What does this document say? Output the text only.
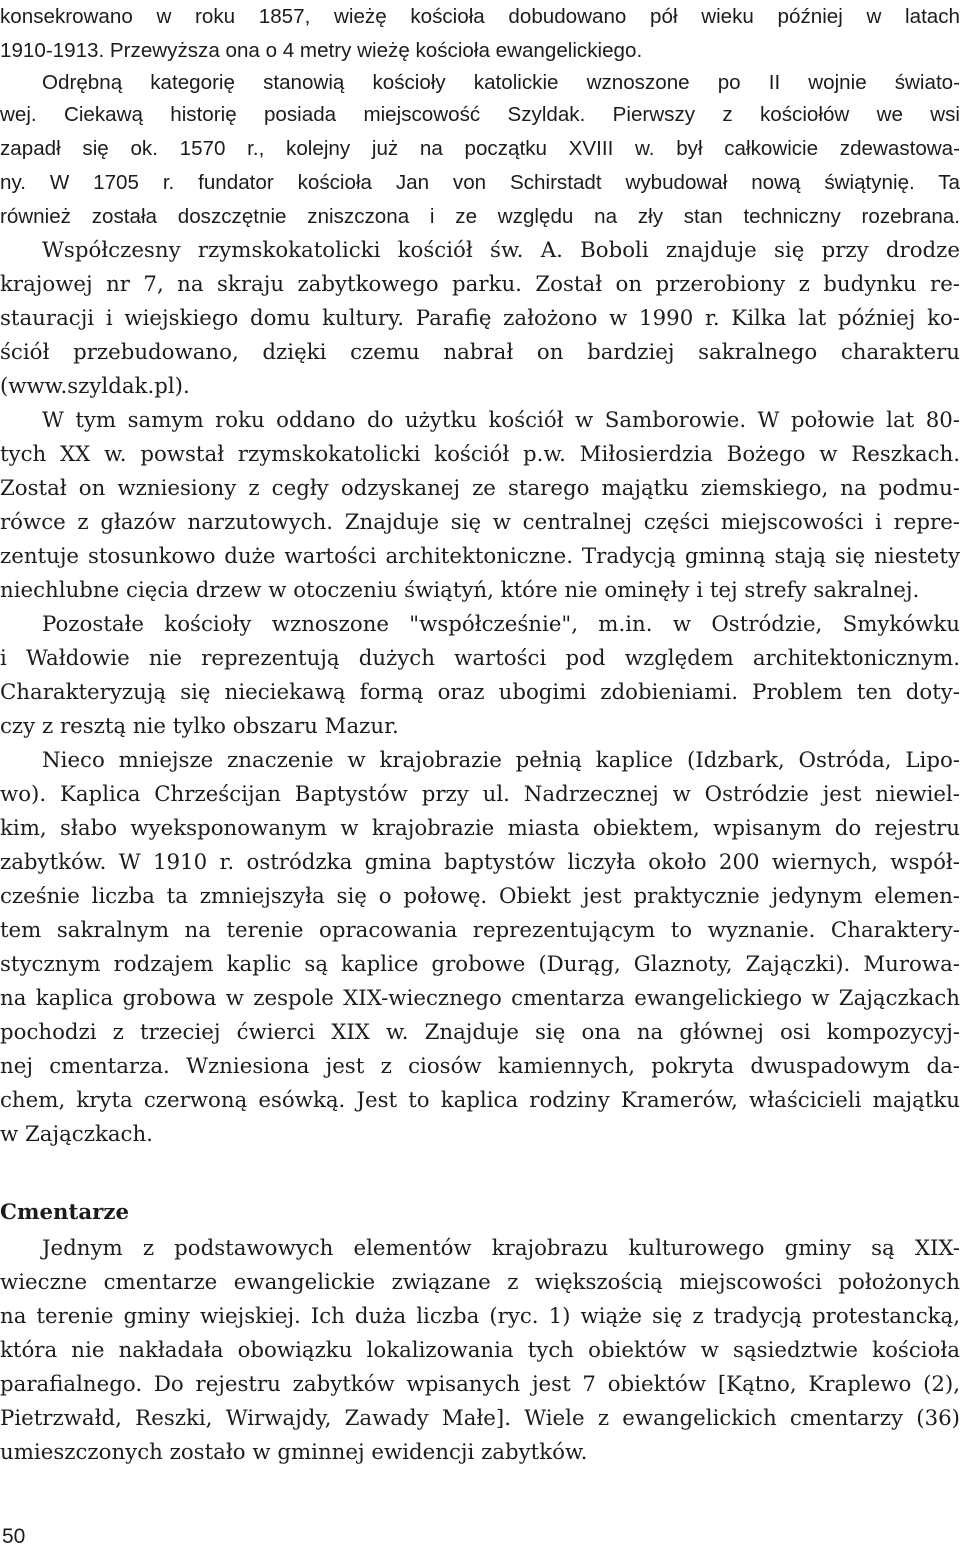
konsekrowano w roku 1857, wieżę kościoła dobudowano pół wieku później w latach
1910-1913. Przewyższa ona o 4 metry wieżę kościoła ewangelickiego.
Odrębną kategorię stanowią kościoły katolickie wznoszone po II wojnie świato-
wej. Ciekawą historię posiada miejscowość Szyldak. Pierwszy z kościołów we wsi
zapadł się ok. 1570 r., kolejny już na początku XVIII w. był całkowicie zdewastowa-
ny. W 1705 r. fundator kościoła Jan von Schirstadt wybudował nową świątynię. Ta
również została doszczętnie zniszczona i ze względu na zły stan techniczny rozebrana.
Współczesny rzymskokatolicki kościół św. A. Boboli znajduje się przy drodze
krajowej nr 7, na skraju zabytkowego parku. Został on przerobiony z budynku re-
stauracji i wiejskiego domu kultury. Parafię założono w 1990 r. Kilka lat później ko-
ściół przebudowano, dzięki czemu nabrał on bardziej sakralnego charakteru
(www.szyldak.pl).
W tym samym roku oddano do użytku kościół w Samborowie. W połowie lat 80-
tych XX w. powstał rzymskokatolicki kościół p.w. Miłosierdzia Bożego w Reszkach.
Został on wzniesiony z cegły odzyskanej ze starego majątku ziemskiego, na podmu-
rówce z głazów narzutowych. Znajduje się w centralnej części miejscowości i repre-
zentuje stosunkowo duże wartości architektoniczne. Tradycją gminną stają się niestety
niechlubne cięcia drzew w otoczeniu świątyń, które nie ominęły i tej strefy sakralnej.
Pozostałe kościoły wznoszone "współcześnie", m.in. w Ostródzie, Smykówku
i Wałdowie nie reprezentują dużych wartości pod względem architektonicznym.
Charakteryzują się nieciekawą formą oraz ubogimi zdobieniami. Problem ten doty-
czy z resztą nie tylko obszaru Mazur.
Nieco mniejsze znaczenie w krajobrazie pełnią kaplice (Idzbark, Ostróda, Lipo-
wo). Kaplica Chrześcijan Baptystów przy ul. Nadrzecznej w Ostródzie jest niewiel-
kim, słabo wyeksponowanym w krajobrazie miasta obiektem, wpisanym do rejestru
zabytków. W 1910 r. ostródzka gmina baptystów liczyła około 200 wiernych, współ-
cześnie liczba ta zmniejszyła się o połowę. Obiekt jest praktycznie jedynym elemen-
tem sakralnym na terenie opracowania reprezentującym to wyznanie. Charaktery-
stycznym rodzajem kaplic są kaplice grobowe (Durąg, Glaznoty, Zajączki). Murowa-
na kaplica grobowa w zespole XIX-wiecznego cmentarza ewangelickiego w Zajączkach pochodzi z trzeciej ćwierci XIX w. Znajduje się ona na głównej osi kompozycyj-
nej cmentarza. Wzniesiona jest z ciosów kamiennych, pokryta dwuspadowym da-
chem, kryta czerwoną esówką. Jest to kaplica rodziny Kramerów, właścicieli majątku
w Zajączkach.
Cmentarze
Jednym z podstawowych elementów krajobrazu kulturowego gminy są XIX-
wieczne cmentarze ewangelickie związane z większością miejscowości położonych
na terenie gminy wiejskiej. Ich duża liczba (ryc. 1) wiąże się z tradycją protestancką,
która nie nakładała obowiązku lokalizowania tych obiektów w sąsiedztwie kościoła
parafialnego. Do rejestru zabytków wpisanych jest 7 obiektów [Kątno, Kraplewo (2),
Pietrzwałd, Reszki, Wirwajdy, Zawady Małe]. Wiele z ewangelickich cmentarzy (36)
umieszczonych zostało w gminnej ewidencji zabytków.
50
